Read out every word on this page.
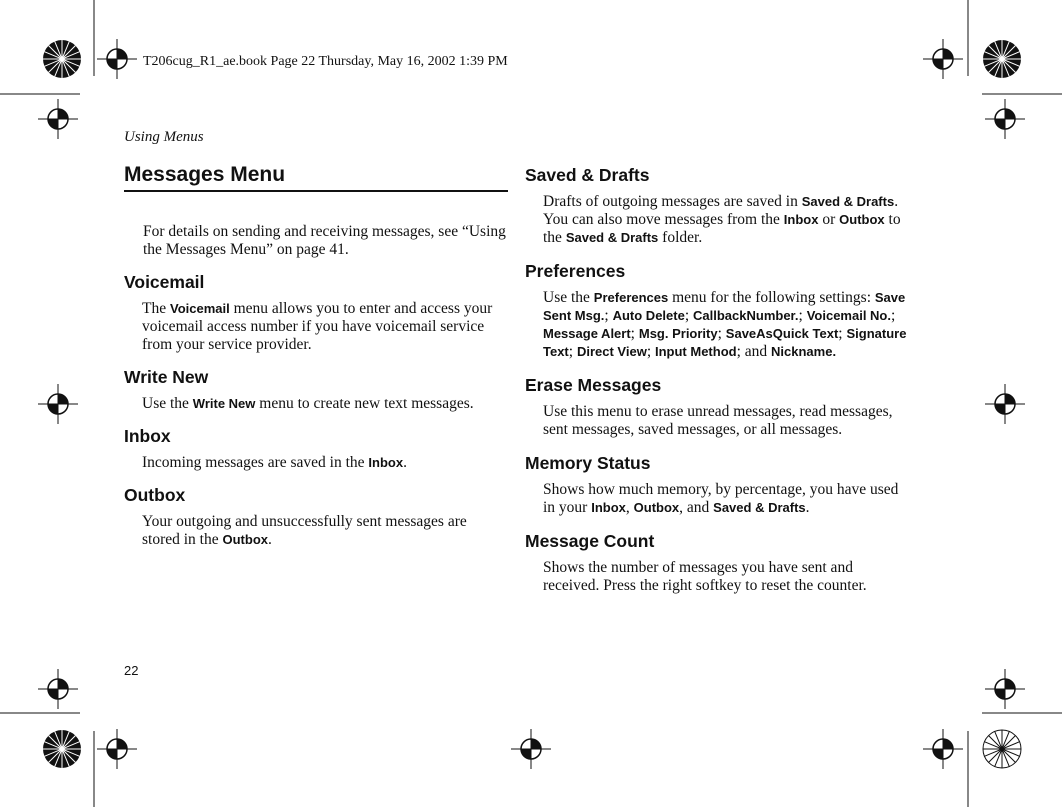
T206cug_R1_ae.book Page 22 Thursday, May 16, 2002 1:39 PM
Using Menus
22
Messages Menu

For details on sending and receiving messages, see “Using the Messages Menu” on page 41.

Voicemail

The Voicemail menu allows you to enter and access your voicemail access number if you have voicemail service from your service provider.

Write New

Use the Write New menu to create new text messages.

Inbox

Incoming messages are saved in the Inbox.

Outbox

Your outgoing and unsuccessfully sent messages are stored in the Outbox.

Saved & Drafts

Drafts of outgoing messages are saved in Saved & Drafts. You can also move messages from the Inbox or Outbox to the Saved & Drafts folder.

Preferences

Use the Preferences menu for the following settings: Save Sent Msg.; Auto Delete; CallbackNumber.; Voicemail No.; Message Alert; Msg. Priority; SaveAsQuick Text; Signature Text; Direct View; Input Method; and Nickname.

Erase Messages

Use this menu to erase unread messages, read messages, sent messages, saved messages, or all messages.

Memory Status

Shows how much memory, by percentage, you have used in your Inbox, Outbox, and Saved & Drafts.

Message Count

Shows the number of messages you have sent and received. Press the right softkey to reset the counter.
